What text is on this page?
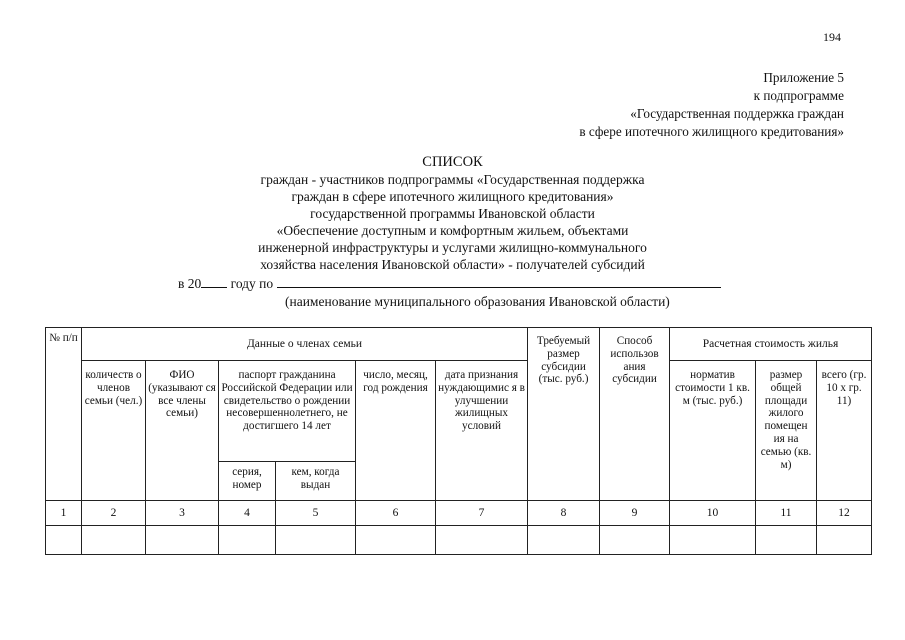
194
Приложение 5
к подпрограмме
«Государственная поддержка граждан
в сфере ипотечного жилищного кредитования»
СПИСОК
граждан - участников подпрограммы «Государственная поддержка
граждан в сфере ипотечного жилищного кредитования»
государственной программы Ивановской области
«Обеспечение доступным и комфортным жильем, объектами
инженерной инфраструктуры и услугами жилищно-коммунального
хозяйства населения Ивановской области» - получателей субсидий
в 20 году по
(наименование муниципального образования Ивановской области)
№ п/п	Данные о членах семьи						Требуемый размер субсидии (тыс. руб.)	Способ использов ания субсидии	Расчетная стоимость жилья		
	количеств о членов семьи (чел.)	ФИО (указывают ся все члены семьи)	паспорт гражданина Российской Федерации или свидетельство о рождении несовершеннолетнего, не достигшего 14 лет		число, месяц, год рождения	дата признания нуждающимис я в улучшении жилищных условий			норматив стоимости 1 кв. м (тыс. руб.)	размер общей площади жилого помещен ия на семью (кв. м)	всего (гр. 10 х гр. 11)
			серия, номер	кем, когда выдан							
1	2	3	4	5	6	7	8	9	10	11	12
